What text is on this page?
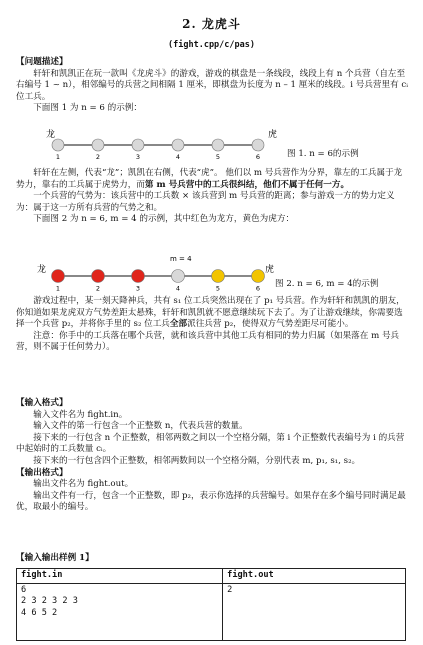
2. 龙虎斗
(fight.cpp/c/pas)

【问题描述】

轩轩和凯凯正在玩一款叫《龙虎斗》的游戏，游戏的棋盘是一条线段，线段上有 n 个兵营（自左至右编号 1 ~ n），相邻编号的兵营之间相隔 1 厘米，即棋盘为长度为 n – 1 厘米的线段。i 号兵营里有 cᵢ 位工兵。

下面图 1 为 n = 6 的示例：

龙	虎
1	2	3	4	5	6	图 1. n = 6的示例

轩轩在左侧，代表“龙”；凯凯在右侧，代表“虎”。 他们以 m 号兵营作为分界，靠左的工兵属于龙势力，靠右的工兵属于虎势力，而第 m 号兵营中的工兵很纠结，他们不属于任何一方。

一个兵营的气势为：该兵营中的工兵数 × 该兵营到 m 号兵营的距离；参与游戏一方的势力定义为：属于这一方所有兵营的气势之和。

下面图 2 为 n = 6, m = 4 的示例，其中红色为龙方，黄色为虎方：

m = 4
龙	虎
1	2	3	4	5	6 图 2. n = 6, m = 4的示例

游戏过程中，某一刻天降神兵，共有 s₁ 位工兵突然出现在了 p₁ 号兵营。作为轩轩和凯凯的朋友，你知道如果龙虎双方气势差距太悬殊，轩轩和凯凯就不愿意继续玩下去了。为了让游戏继续，你需要选择一个兵营 p₂，并将你手里的 s₂ 位工兵全部派往兵营 p₂，使得双方气势差距尽可能小。

注意：你手中的工兵落在哪个兵营，就和该兵营中其他工兵有相同的势力归属（如果落在 m 号兵营，则不属于任何势力）。

【输入格式】

输入文件名为 fight.in。

输入文件的第一行包含一个正整数 n，代表兵营的数量。

接下来的一行包含 n 个正整数，相邻两数之间以一个空格分隔，第 i 个正整数代表编号为 i 的兵营中起始时的工兵数量 cᵢ。

接下来的一行包含四个正整数，相邻两数间以一个空格分隔，分别代表 m, p₁, s₁, s₂。

【输出格式】

输出文件名为 fight.out。

输出文件有一行，包含一个正整数，即 p₂，表示你选择的兵营编号。如果存在多个编号同时满足最优，取最小的编号。

【输入输出样例 1】
fight.in	fight.out
6
2 3 2 3 2 3
4 6 5 2	2
